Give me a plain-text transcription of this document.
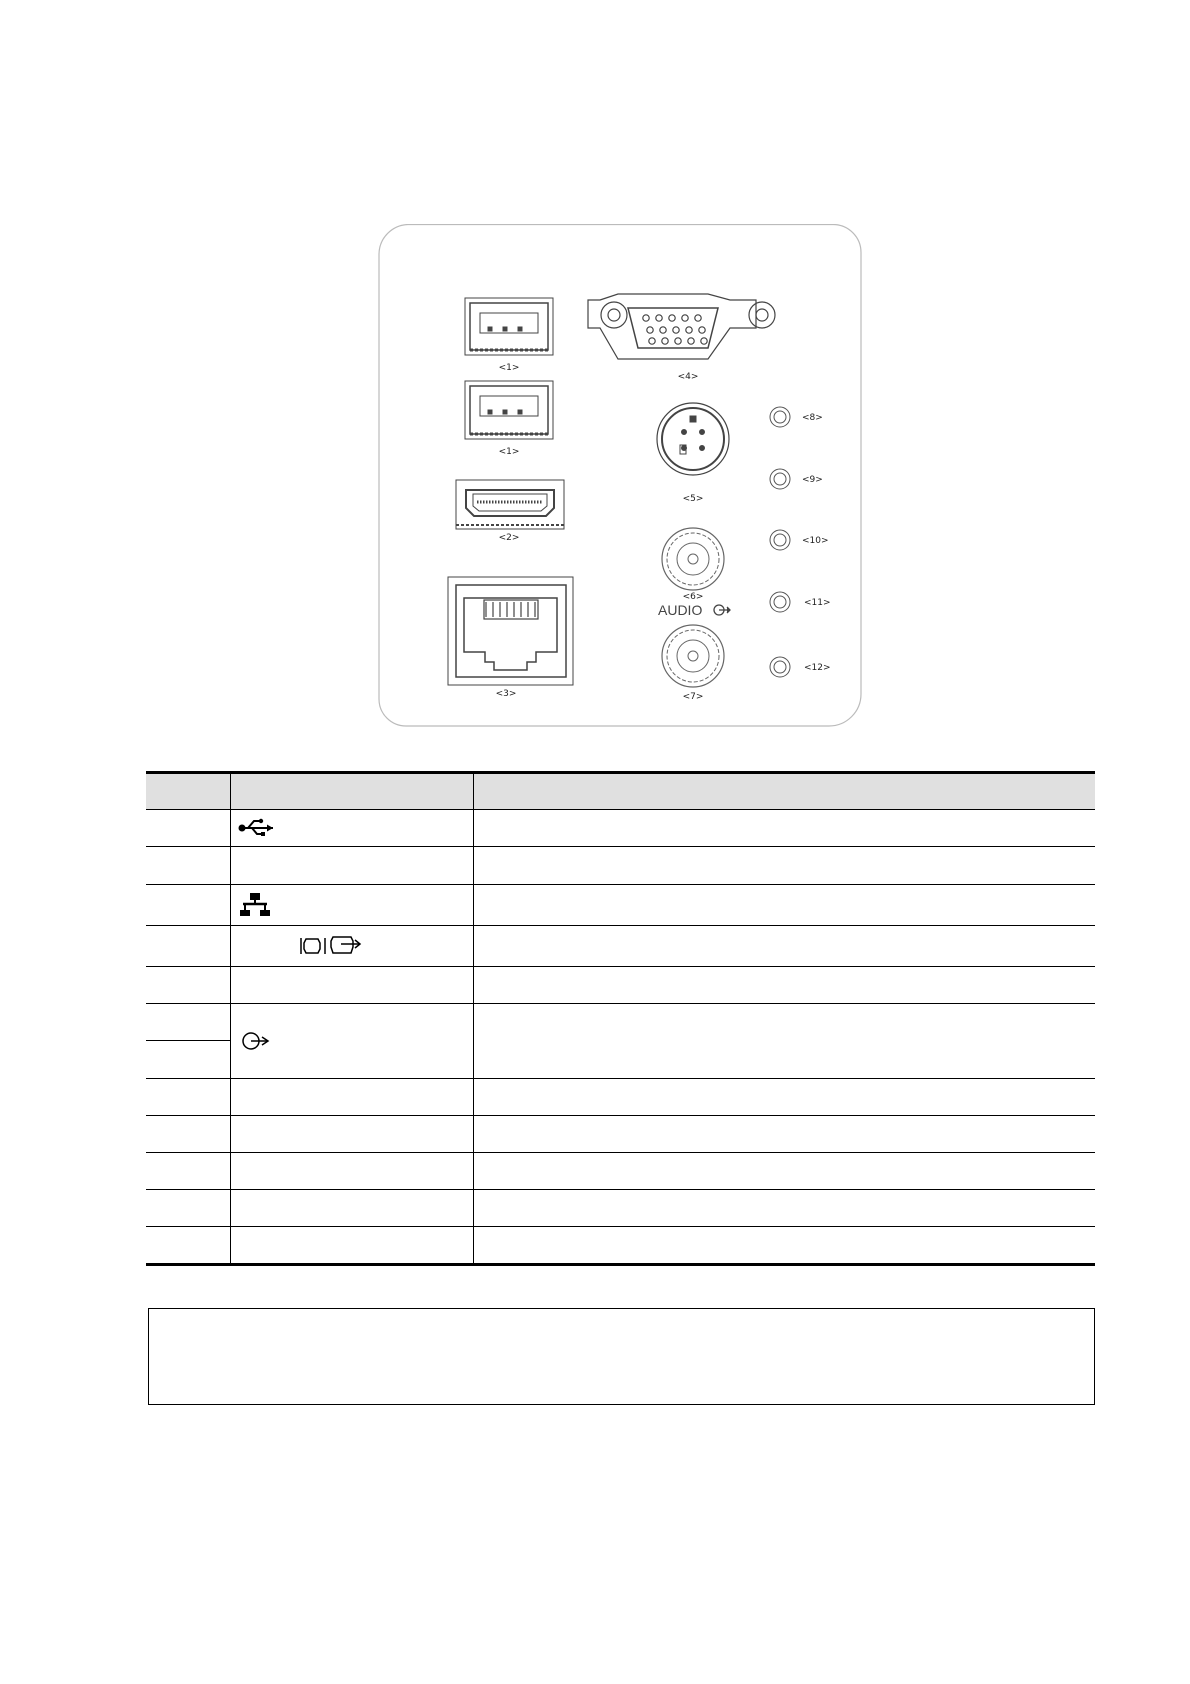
<1>
<1>
<2>
<3>
<4>
<5>
<6>
AUDIO
<7>
<8>
<9>
<10>
<11>
<12>
